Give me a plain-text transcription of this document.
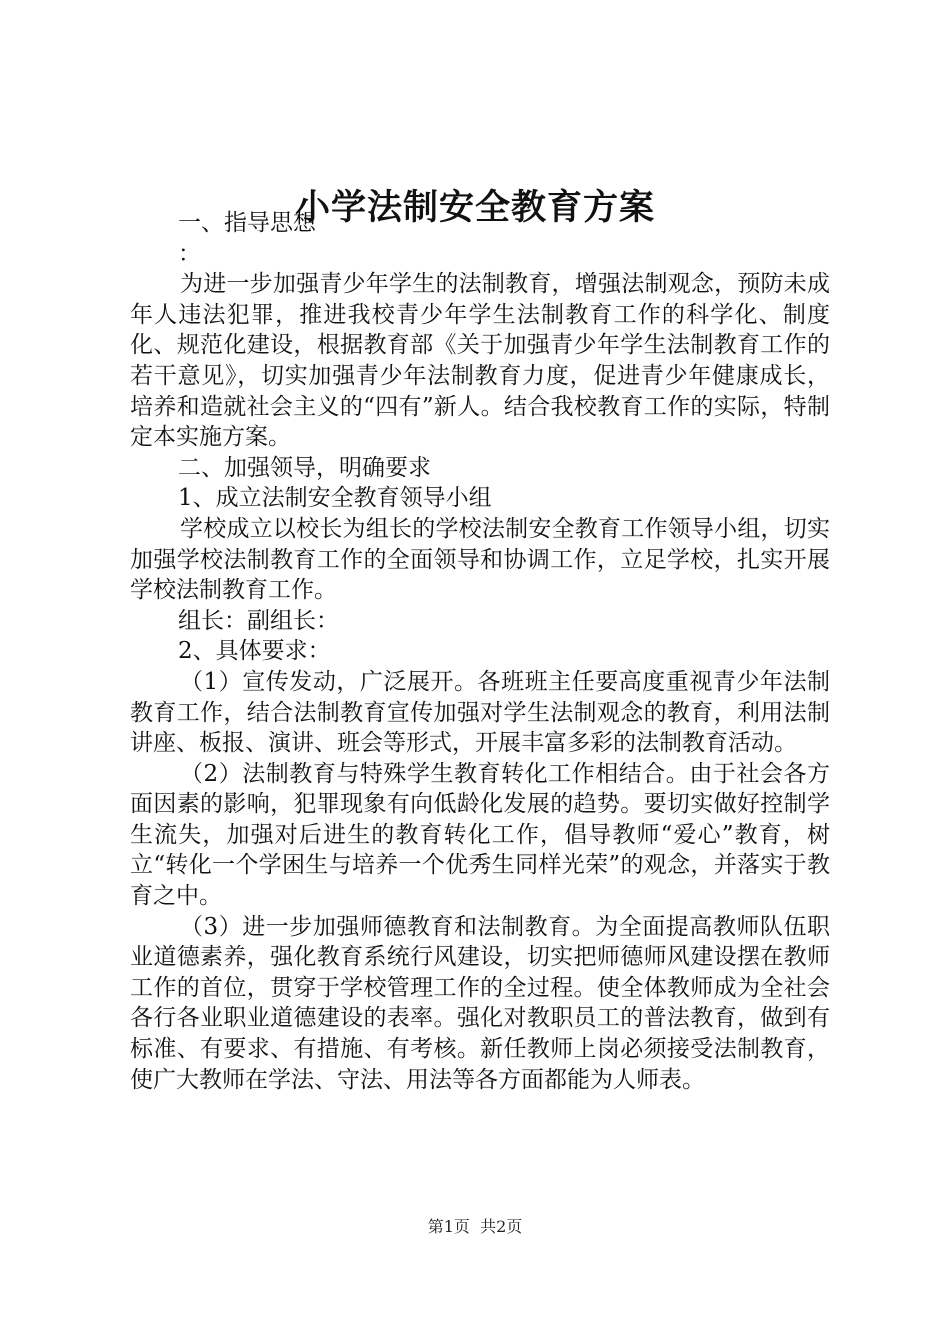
小学法制安全教育方案

一、指导思想

：

为进一步加强青少年学生的法制教育，增强法制观念，预防未成年人违法犯罪，推进我校青少年学生法制教育工作的科学化、制度化、规范化建设，根据教育部《关于加强青少年学生法制教育工作的若干意见》，切实加强青少年法制教育力度，促进青少年健康成长，培养和造就社会主义的“四有”新人。结合我校教育工作的实际，特制定本实施方案。

二、加强领导，明确要求

1、成立法制安全教育领导小组

学校成立以校长为组长的学校法制安全教育工作领导小组，切实加强学校法制教育工作的全面领导和协调工作，立足学校，扎实开展学校法制教育工作。

组长：副组长：

2、具体要求：

（1）宣传发动，广泛展开。各班班主任要高度重视青少年法制教育工作，结合法制教育宣传加强对学生法制观念的教育，利用法制讲座、板报、演讲、班会等形式，开展丰富多彩的法制教育活动。

（2）法制教育与特殊学生教育转化工作相结合。由于社会各方面因素的影响，犯罪现象有向低龄化发展的趋势。要切实做好控制学生流失，加强对后进生的教育转化工作，倡导教师“爱心”教育，树立“转化一个学困生与培养一个优秀生同样光荣”的观念，并落实于教育之中。

（3）进一步加强师德教育和法制教育。为全面提高教师队伍职业道德素养，强化教育系统行风建设，切实把师德师风建设摆在教师工作的首位，贯穿于学校管理工作的全过程。使全体教师成为全社会各行各业职业道德建设的表率。强化对教职员工的普法教育，做到有标准、有要求、有措施、有考核。新任教师上岗必须接受法制教育，使广大教师在学法、守法、用法等各方面都能为人师表。

第1页  共2页
